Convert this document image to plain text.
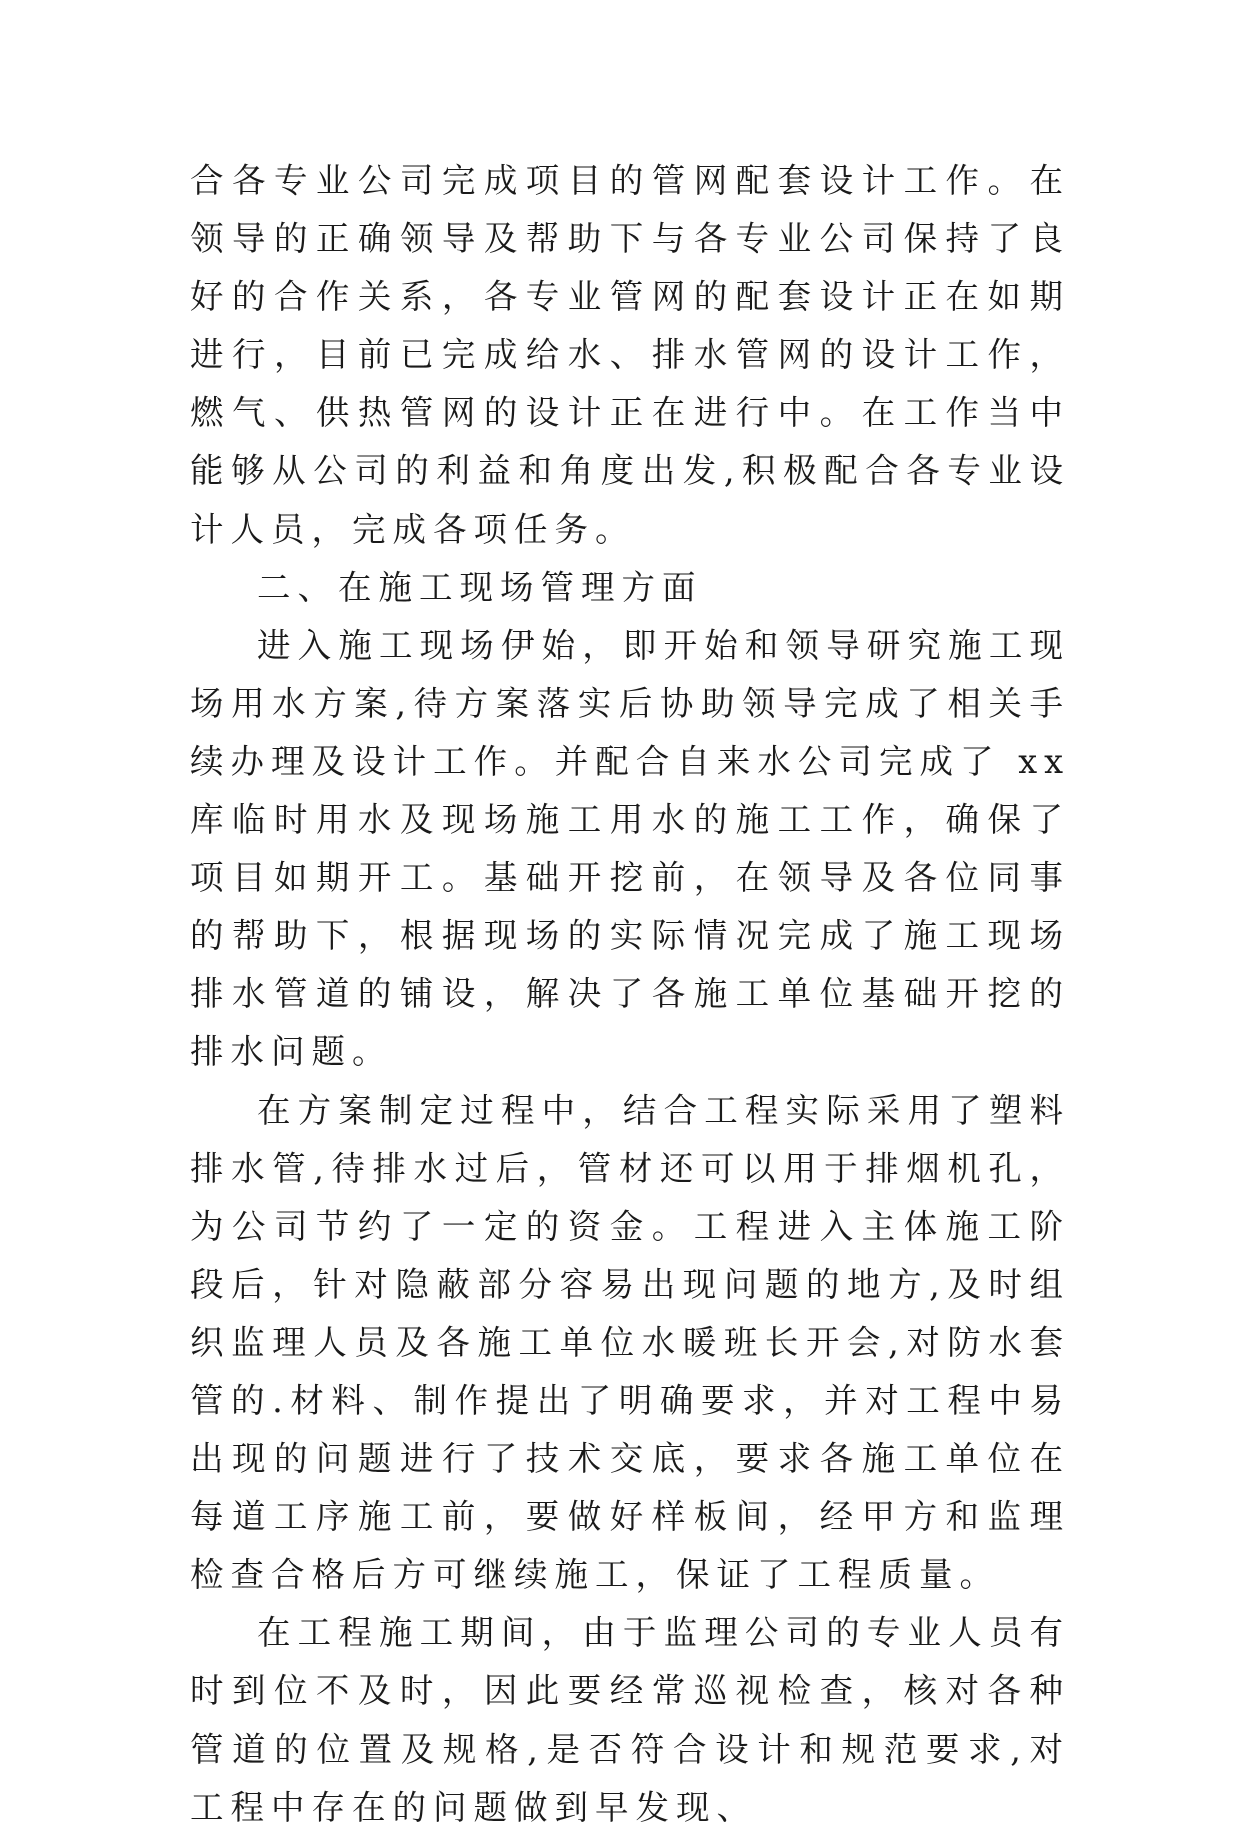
合各专业公司完成项目的管网配套设计工作。在领导的正确领导及帮助下与各专业公司保持了良好的合作关系，各专业管网的配套设计正在如期进行，目前已完成给水、排水管网的设计工作，燃气、供热管网的设计正在进行中。在工作当中能够从公司的利益和角度出发,积极配合各专业设计人员，完成各项任务。

二、在施工现场管理方面

进入施工现场伊始，即开始和领导研究施工现场用水方案,待方案落实后协助领导完成了相关手续办理及设计工作。并配合自来水公司完成了 xx 库临时用水及现场施工用水的施工工作，确保了项目如期开工。基础开挖前，在领导及各位同事的帮助下，根据现场的实际情况完成了施工现场排水管道的铺设，解决了各施工单位基础开挖的排水问题。

在方案制定过程中，结合工程实际采用了塑料排水管,待排水过后，管材还可以用于排烟机孔，为公司节约了一定的资金。工程进入主体施工阶段后，针对隐蔽部分容易出现问题的地方,及时组织监理人员及各施工单位水暖班长开会,对防水套管的.材料、制作提出了明确要求，并对工程中易出现的问题进行了技术交底，要求各施工单位在每道工序施工前，要做好样板间，经甲方和监理检查合格后方可继续施工，保证了工程质量。

在工程施工期间，由于监理公司的专业人员有时到位不及时，因此要经常巡视检查，核对各种管道的位置及规格,是否符合设计和规范要求,对工程中存在的问题做到早发现、
